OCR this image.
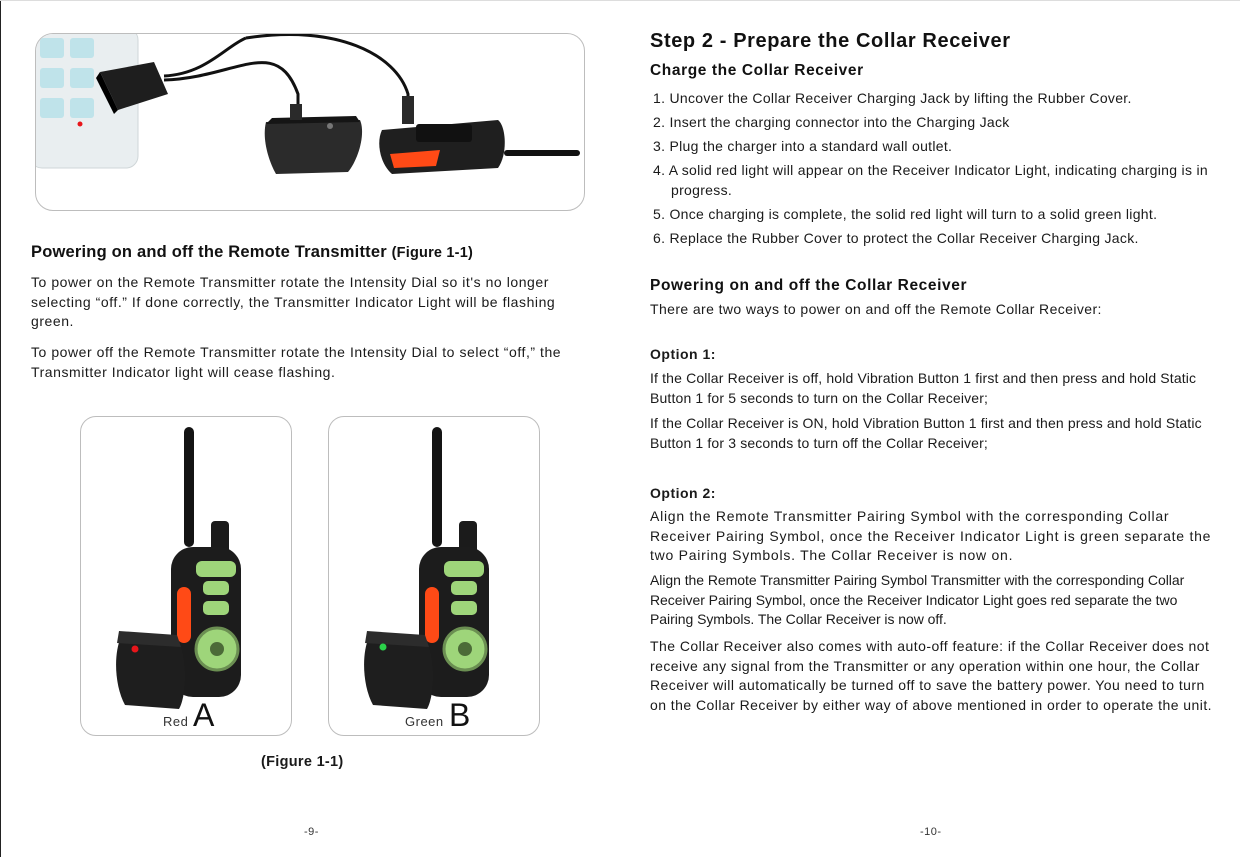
Powering on and off the Remote Transmitter (Figure 1-1)

To power on the Remote Transmitter rotate the Intensity Dial so it's no longer selecting “off.” If done correctly, the Transmitter Indicator Light will be flashing green.

To power off the Remote Transmitter rotate the Intensity Dial to select “off,” the Transmitter Indicator light will cease flashing.

Red A	Green B
(Figure 1-1)
-9-
Step 2 - Prepare the Collar Receiver
Charge the Collar Receiver
1. Uncover the Collar Receiver Charging Jack by lifting the Rubber Cover.
2. Insert the charging connector into the Charging Jack
3. Plug the charger into a standard wall outlet.
4. A solid red light will appear on the Receiver Indicator Light, indicating charging is in progress.
5. Once charging is complete, the solid red light will turn to a solid green light.
6. Replace the Rubber Cover to protect the Collar Receiver Charging Jack.
Powering on and off the Collar Receiver

There are two ways to power on and off the Remote Collar Receiver:

Option 1:

If the Collar Receiver is off, hold Vibration Button 1 first and then press and hold Static Button 1 for 5 seconds to turn on the Collar Receiver;

If the Collar Receiver is ON, hold Vibration Button 1 first and then press and hold Static Button 1 for 3 seconds to turn off the Collar Receiver;

Option 2:

Align the Remote Transmitter Pairing Symbol with the corresponding Collar Receiver Pairing Symbol, once the Receiver Indicator Light is green separate the two Pairing Symbols. The Collar Receiver is now on.

Align the Remote Transmitter Pairing Symbol Transmitter with the corresponding Collar Receiver Pairing Symbol, once the Receiver Indicator Light goes red separate the two Pairing Symbols. The Collar Receiver is now off.

The Collar Receiver also comes with auto-off feature: if the Collar Receiver does not receive any signal from the Transmitter or any operation within one hour, the Collar Receiver will automatically be turned off to save the battery power. You need to turn on the Collar Receiver by either way of above mentioned in order to operate the unit.

-10-
